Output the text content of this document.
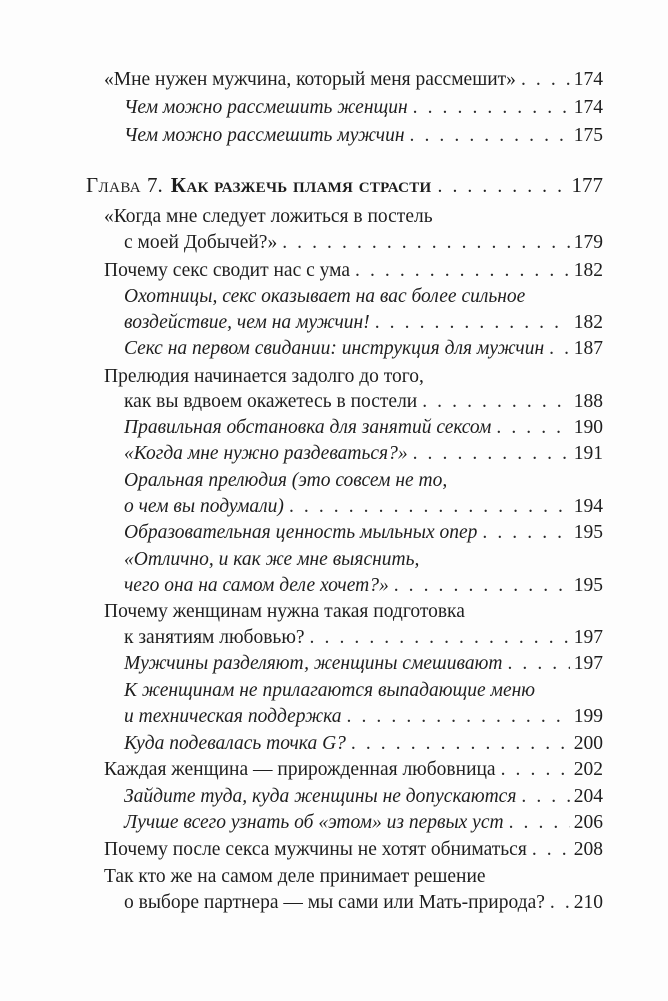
«Мне нужен мужчина, который меня рассмешит» . . .	174
Чем можно рассмешить женщин . . .	174
Чем можно рассмешить мужчин . . .	175
Глава 7. Как разжечь пламя страсти . . .	177
«Когда мне следует ложиться в постель
с моей Добычей?» . . .	179
Почему секс сводит нас с ума . . .	182
Охотницы, секс оказывает на вас более сильное
воздействие, чем на мужчин! . . .	182
Секс на первом свидании: инструкция для мужчин . . . 187
Прелюдия начинается задолго до того,
как вы вдвоем окажетесь в постели . . .	188
Правильная обстановка для занятий сексом . . .	190
«Когда мне нужно раздеваться?» . . .	191
Оральная прелюдия (это совсем не то,
о чем вы подумали) . . .	194
Образовательная ценность мыльных опер . . .	195
«Отлично, и как же мне выяснить,
чего она на самом деле хочет?» . . .	195
Почему женщинам нужна такая подготовка
к занятиям любовью? . . .	197
Мужчины разделяют, женщины смешивают . . .	197
К женщинам не прилагаются выпадающие меню
и техническая поддержка . . .	199
Куда подевалась точка G? . . .	200
Каждая женщина — прирожденная любовница . . .	202
Зайдите туда, куда женщины не допускаются . . .	204
Лучше всего узнать об «этом» из первых уст . . .	206
Почему после секса мужчины не хотят обниматься . . . 208
Так кто же на самом деле принимает решение
о выборе партнера — мы сами или Мать-природа? . . . 210
